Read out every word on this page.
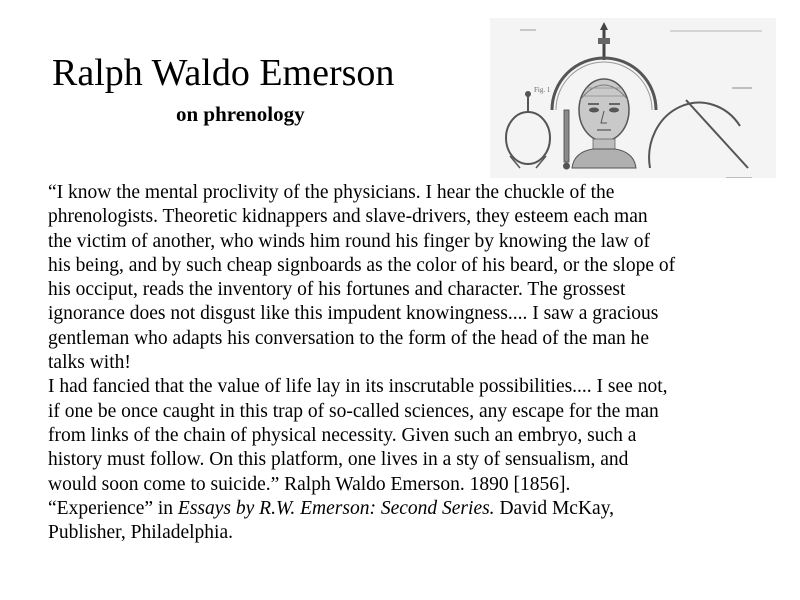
Ralph Waldo Emerson
on phrenology
Fig. 1

“I know the mental proclivity of the physicians. I hear the chuckle of the
phrenologists. Theoretic kidnappers and slave-drivers, they esteem each man
the victim of another, who winds him round his finger by knowing the law of
his being, and by such cheap signboards as the color of his beard, or the slope of
his occiput, reads the inventory of his fortunes and character. The grossest
ignorance does not disgust like this impudent knowingness.... I saw a gracious
gentleman who adapts his conversation to the form of the head of the man he
talks with!

I had fancied that the value of life lay in its inscrutable possibilities.... I see not,
if one be once caught in this trap of so-called sciences, any escape for the man
from links of the chain of physical necessity. Given such an embryo, such a
history must follow. On this platform, one lives in a sty of sensualism, and
would soon come to suicide.” Ralph Waldo Emerson. 1890 [1856].

“Experience” in Essays by R.W. Emerson: Second Series. David McKay,
Publisher, Philadelphia.
